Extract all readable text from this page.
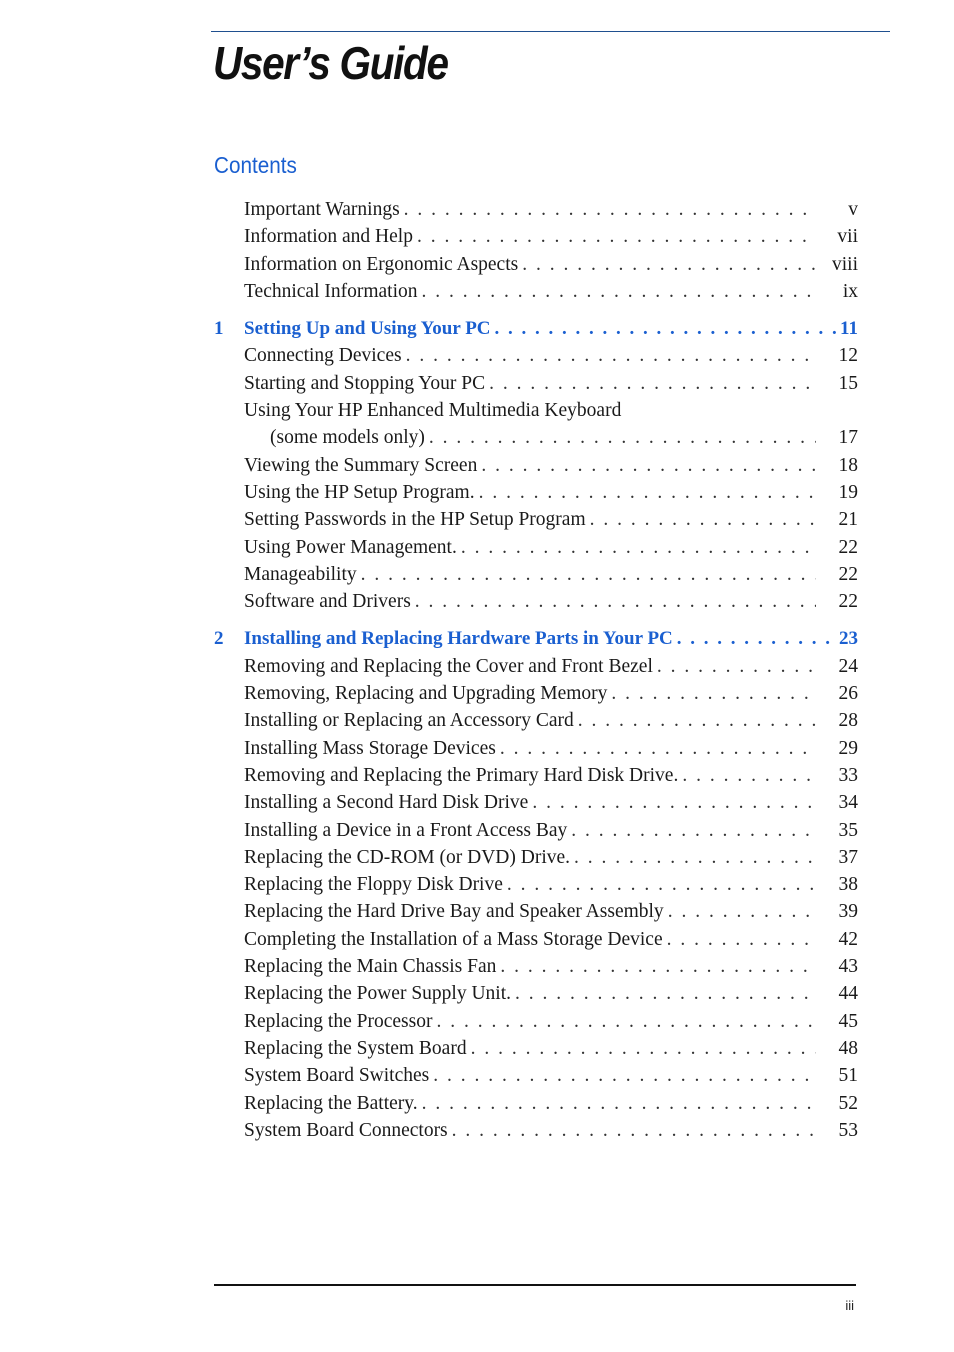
User’s Guide
Contents
Important Warnings . . .	v
Information and Help . . .	vii
Information on Ergonomic Aspects . . .	viii
Technical Information . . .	ix
1	Setting Up and Using Your PC . . .	11
Connecting Devices . . .	12
Starting and Stopping Your PC . . .	15
Using Your HP Enhanced Multimedia Keyboard
(some models only) . . .	17
Viewing the Summary Screen . . .	18
Using the HP Setup Program. . . .	19
Setting Passwords in the HP Setup Program . . .	21
Using Power Management. . . .	22
Manageability . . .	22
Software and Drivers . . .	22
2	Installing and Replacing Hardware Parts in Your PC . . .	23
Removing and Replacing the Cover and Front Bezel . . .	24
Removing, Replacing and Upgrading Memory . . .	26
Installing or Replacing an Accessory Card . . .	28
Installing Mass Storage Devices . . .	29
Removing and Replacing the Primary Hard Disk Drive. . . .	33
Installing a Second Hard Disk Drive . . .	34
Installing a Device in a Front Access Bay . . .	35
Replacing the CD-ROM (or DVD) Drive. . . .	37
Replacing the Floppy Disk Drive . . .	38
Replacing the Hard Drive Bay and Speaker Assembly . . .	39
Completing the Installation of a Mass Storage Device . . .	42
Replacing the Main Chassis Fan . . .	43
Replacing the Power Supply Unit. . . .	44
Replacing the Processor . . .	45
Replacing the System Board . . .	48
System Board Switches . . .	51
Replacing the Battery. . . .	52
System Board Connectors . . .	53
iii
